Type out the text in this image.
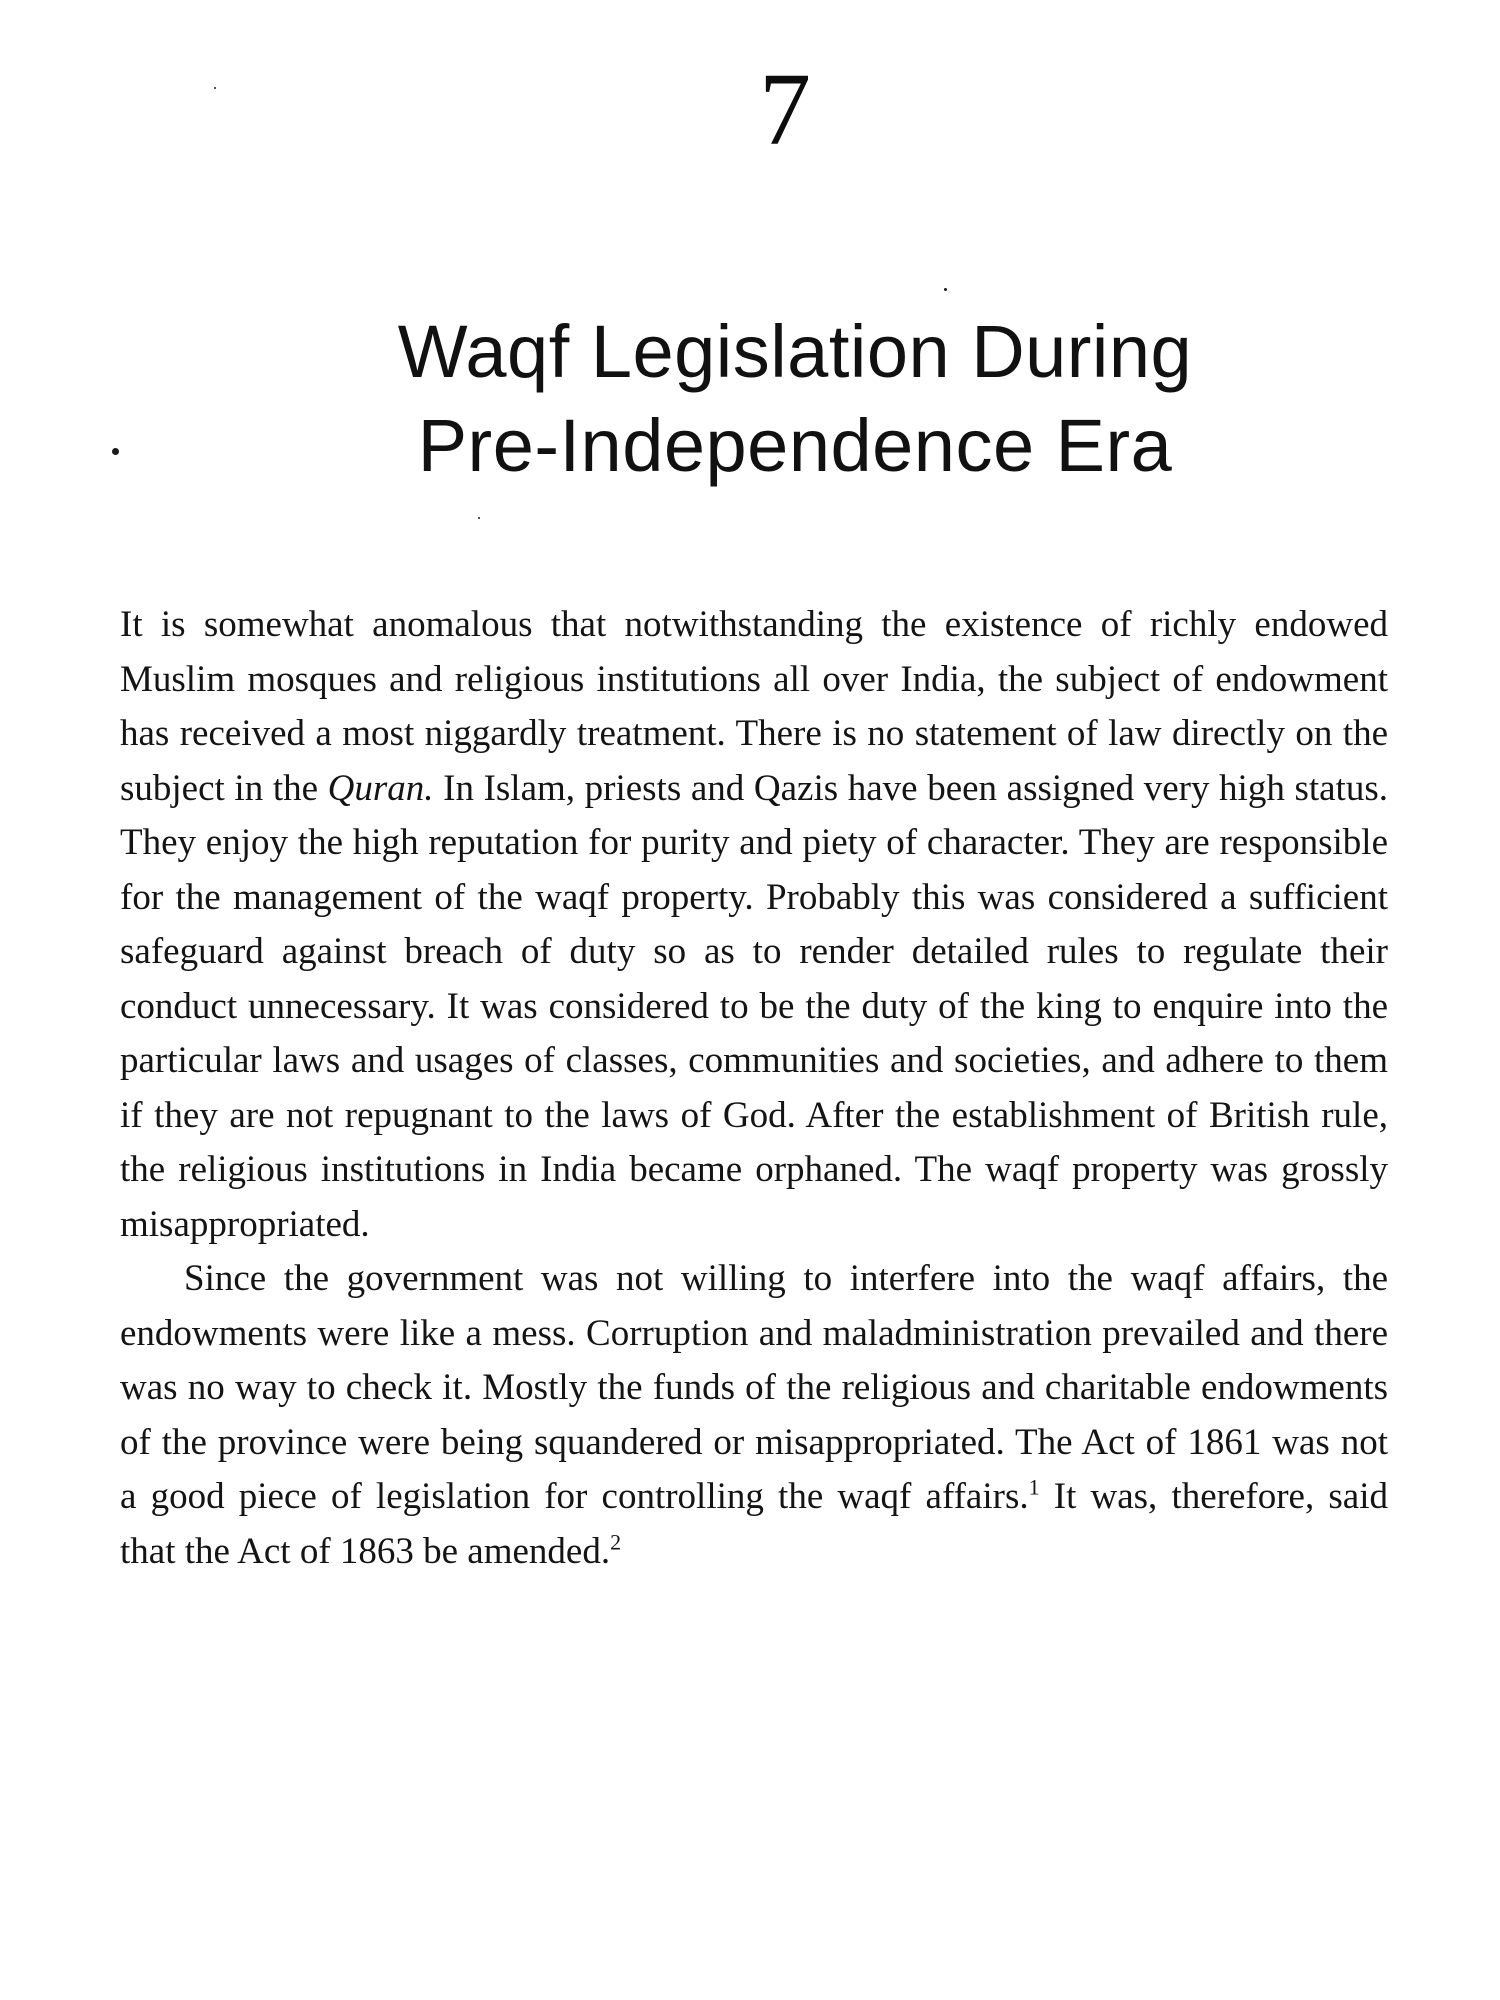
7
Waqf Legislation During
Pre-Independence Era

It is somewhat anomalous that notwithstanding the existence of richly endowed Muslim mosques and religious institutions all over India, the subject of endowment has received a most niggardly treatment. There is no statement of law directly on the subject in the Quran. In Islam, priests and Qazis have been assigned very high status. They enjoy the high reputation for purity and piety of character. They are responsible for the management of the waqf property. Probably this was considered a sufficient safeguard against breach of duty so as to render detailed rules to regulate their conduct unnecessary. It was considered to be the duty of the king to enquire into the particular laws and usages of classes, communities and societies, and adhere to them if they are not repugnant to the laws of God. After the establishment of British rule, the religious institutions in India became orphaned. The waqf property was grossly misappropriated.

Since the government was not willing to interfere into the waqf affairs, the endowments were like a mess. Corruption and maladministration prevailed and there was no way to check it. Mostly the funds of the religious and charitable endowments of the province were being squandered or misappropriated. The Act of 1861 was not a good piece of legislation for controlling the waqf affairs.$^1$ It was, therefore, said that the Act of 1863 be amended.$^2$
